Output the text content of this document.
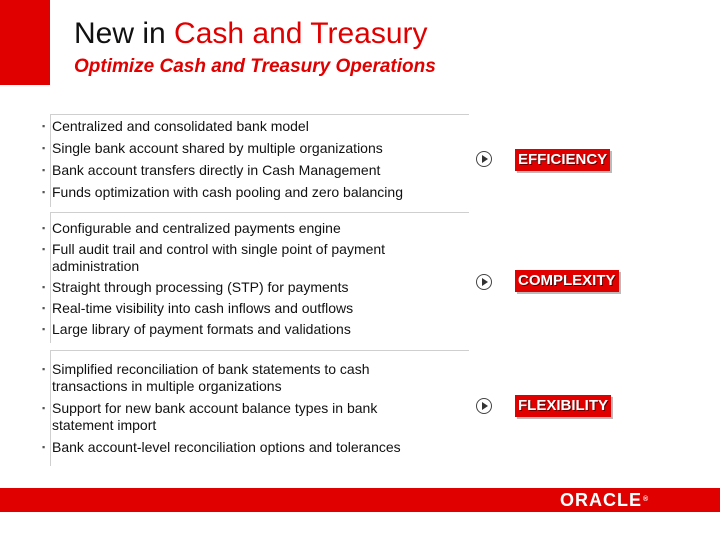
New in Cash and Treasury
Optimize Cash and Treasury Operations
▪ Centralized and consolidated bank model
▪ Single bank account shared by multiple organizations
▪ Bank account transfers directly in Cash Management
▪ Funds optimization with cash pooling and zero balancing
EFFICIENCY
▪ Configurable and centralized payments engine
▪ Full audit trail and control with single point of payment
administration
▪ Straight through processing (STP) for payments
▪ Real-time visibility into cash inflows and outflows
▪ Large library of payment formats and validations
COMPLEXITY
▪ Simplified reconciliation of bank statements to cash
transactions in multiple organizations
▪ Support for new bank account balance types in bank
statement import
▪ Bank account-level reconciliation options and tolerances
FLEXIBILITY
ORACLE®
